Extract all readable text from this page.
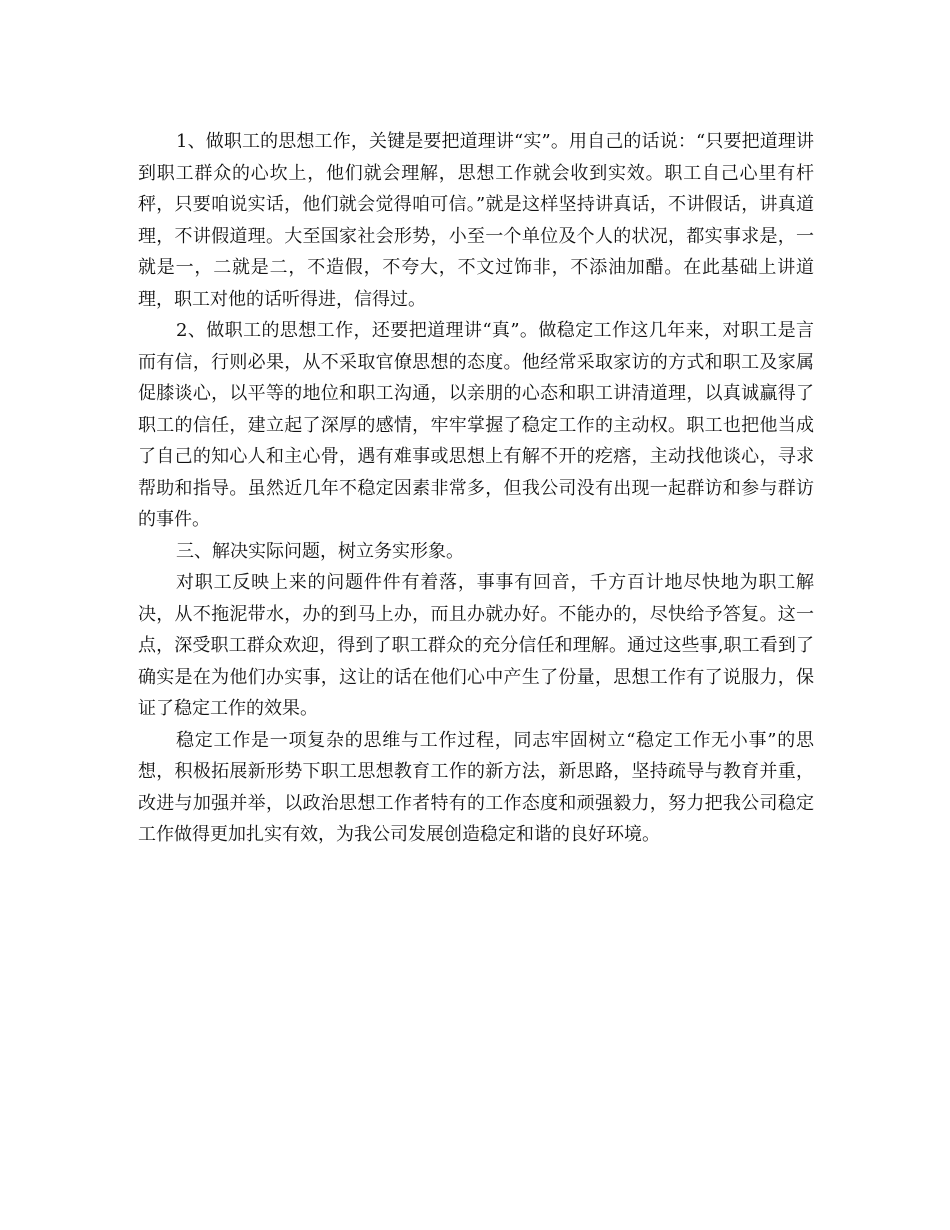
1、做职工的思想工作，关键是要把道理讲“实”。用自己的话说：“只要把道理讲到职工群众的心坎上，他们就会理解，思想工作就会收到实效。职工自己心里有杆秤，只要咱说实话，他们就会觉得咱可信。”就是这样坚持讲真话，不讲假话，讲真道理，不讲假道理。大至国家社会形势，小至一个单位及个人的状况，都实事求是，一就是一，二就是二，不造假，不夸大，不文过饰非，不添油加醋。在此基础上讲道理，职工对他的话听得进，信得过。

2、做职工的思想工作，还要把道理讲“真”。做稳定工作这几年来，对职工是言而有信，行则必果，从不采取官僚思想的态度。他经常采取家访的方式和职工及家属促膝谈心，以平等的地位和职工沟通，以亲朋的心态和职工讲清道理，以真诚赢得了职工的信任，建立起了深厚的感情，牢牢掌握了稳定工作的主动权。职工也把他当成了自己的知心人和主心骨，遇有难事或思想上有解不开的疙瘩，主动找他谈心，寻求帮助和指导。虽然近几年不稳定因素非常多，但我公司没有出现一起群访和参与群访的事件。

三、解决实际问题，树立务实形象。

对职工反映上来的问题件件有着落，事事有回音，千方百计地尽快地为职工解决，从不拖泥带水，办的到马上办，而且办就办好。不能办的，尽快给予答复。这一点，深受职工群众欢迎，得到了职工群众的充分信任和理解。通过这些事,职工看到了确实是在为他们办实事，这让的话在他们心中产生了份量，思想工作有了说服力，保证了稳定工作的效果。

稳定工作是一项复杂的思维与工作过程，同志牢固树立“稳定工作无小事”的思想，积极拓展新形势下职工思想教育工作的新方法，新思路，坚持疏导与教育并重，改进与加强并举，以政治思想工作者特有的工作态度和顽强毅力，努力把我公司稳定工作做得更加扎实有效，为我公司发展创造稳定和谐的良好环境。
